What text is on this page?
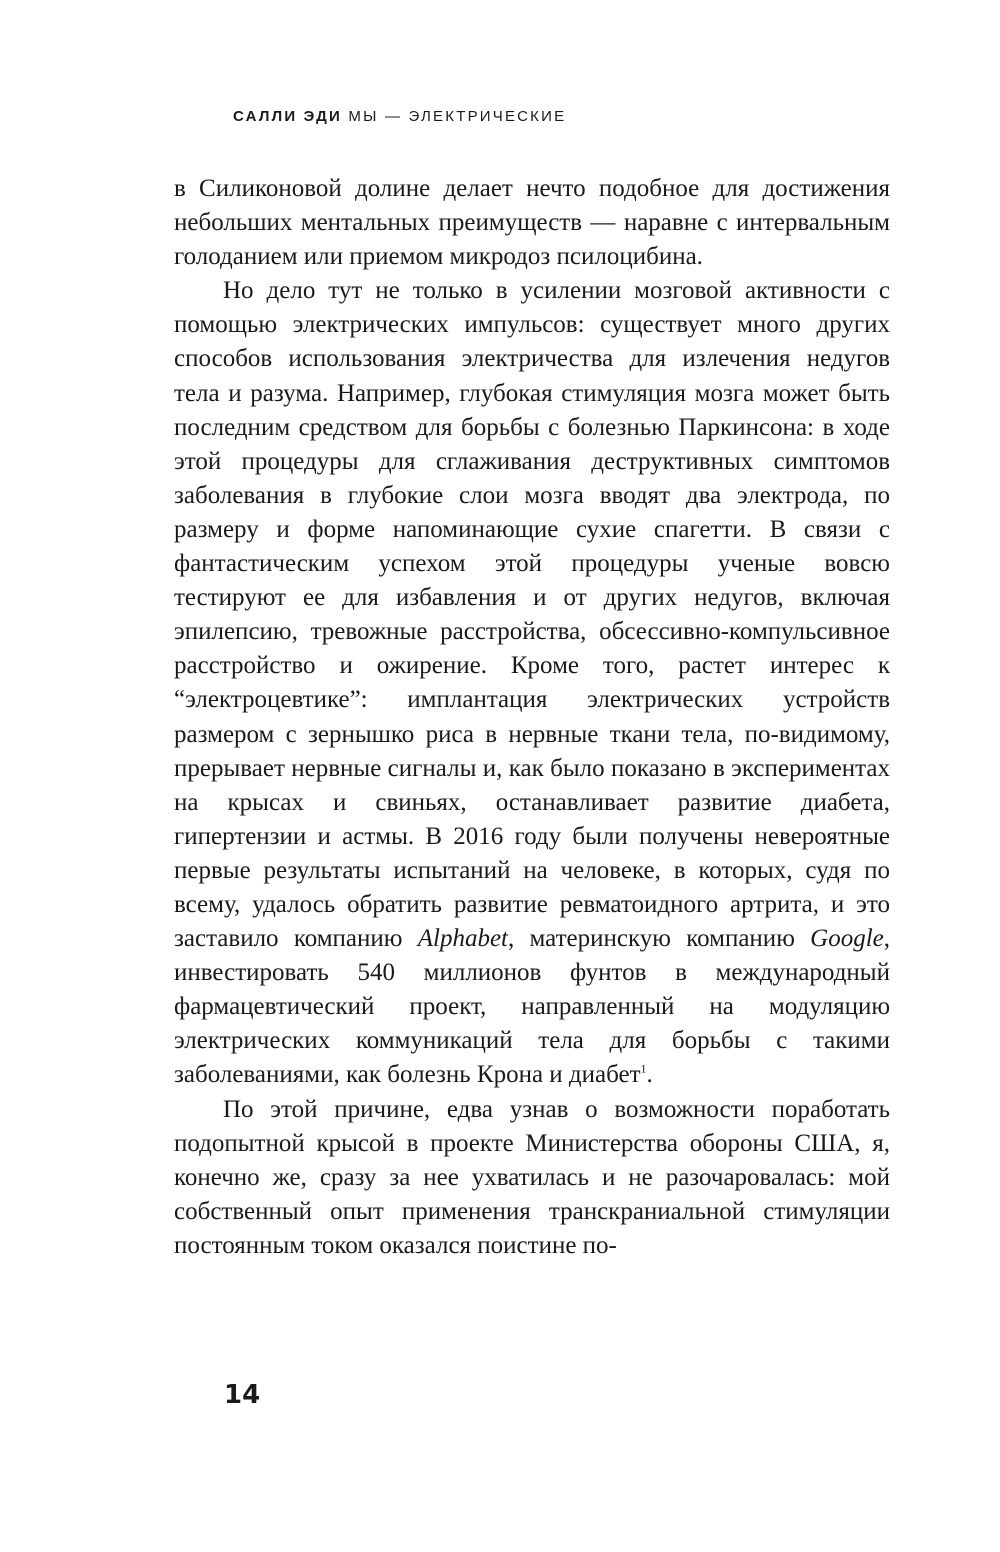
САЛЛИ ЭДИ МЫ — ЭЛЕКТРИЧЕСКИЕ

в Силиконовой долине делает нечто подобное для достижения небольших ментальных преимуществ — наравне с интервальным голоданием или приемом микродоз псилоцибина.

Но дело тут не только в усилении мозговой активности с помощью электрических импульсов: существует много других способов использования электричества для излечения недугов тела и разума. Например, глубокая стимуляция мозга может быть последним средством для борьбы с болезнью Паркинсона: в ходе этой процедуры для сглаживания деструктивных симптомов заболевания в глубокие слои мозга вводят два электрода, по размеру и форме напоминающие сухие спагетти. В связи с фантастическим успехом этой процедуры ученые вовсю тестируют ее для избавления и от других недугов, включая эпилепсию, тревожные расстройства, обсессивно-компульсивное расстройство и ожирение. Кроме того, растет интерес к “электроцевтике”: имплантация электрических устройств размером с зернышко риса в нервные ткани тела, по-видимому, прерывает нервные сигналы и, как было показано в экспериментах на крысах и свиньях, останавливает развитие диабета, гипертензии и астмы. В 2016 году были получены невероятные первые результаты испытаний на человеке, в которых, судя по всему, удалось обратить развитие ревматоидного артрита, и это заставило компанию Alphabet, материнскую компанию Google, инвестировать 540 миллионов фунтов в международный фармацевтический проект, направленный на модуляцию электрических коммуникаций тела для борьбы с такими заболеваниями, как болезнь Крона и диабет$^1$.

По этой причине, едва узнав о возможности поработать подопытной крысой в проекте Министерства обороны США, я, конечно же, сразу за нее ухватилась и не разочаровалась: мой собственный опыт применения транскраниальной стимуляции постоянным током оказался поистине по-

14
